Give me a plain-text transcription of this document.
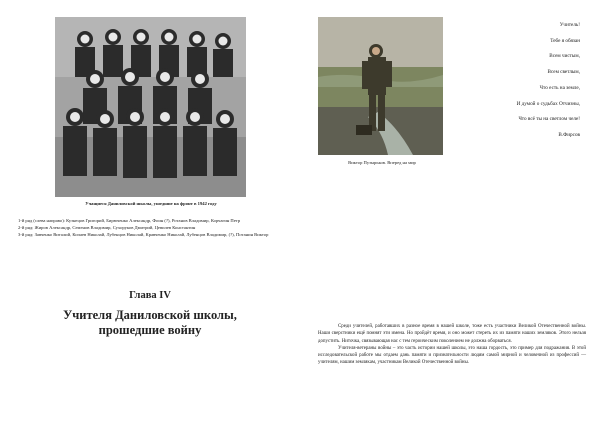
Учащиеся Даниловской школы, ушедшие на фронт в 1942 году
1-й ряд (слева направо): Кузнецов Григорий, Бирюченко Александр, Фоин (?), Ротанов Владимир, Корчагин Петр
2-й ряд: Жиров Александр, Семенов Владимир, Сухоруков Дмитрий, Цевилев Константин
3-й ряд: Завченко Виталий, Копаев Николай, Лубенцов Николай, Кравченко Николай, Лубенцов Владимир, (?), Потанин Виктор
Глава IV
Учителя Даниловской школы, прошедшие войну
Виктор Пузырьков. Вперед на мир
Учитель!
Тебе я обязан
Всем чистым,
Всем светлым,
Что есть на земле,
И думой о судьбах Отчизны,
Что всё ты на светлом челе!
В.Фирсов

Среди учителей, работавших в разное время в нашей школе, тоже есть участники Великой Отечественной войны. Наши сверстники ещё помнят эти имена. Но пройдёт время, и оно может стереть их из памяти наших земляков. Этого нельзя допустить. Ниточка, связывающая нас с тем героическим поколением не должна оборваться.

Учителя-ветераны войны – это часть истории нашей школы, это наша гордость, это пример для подражания. В этой исследовательской работе мы отдаем дань памяти и признательности людям самой мирной и человечной из профессий — учителям, нашим землякам, участникам Великой Отечественной войны.
